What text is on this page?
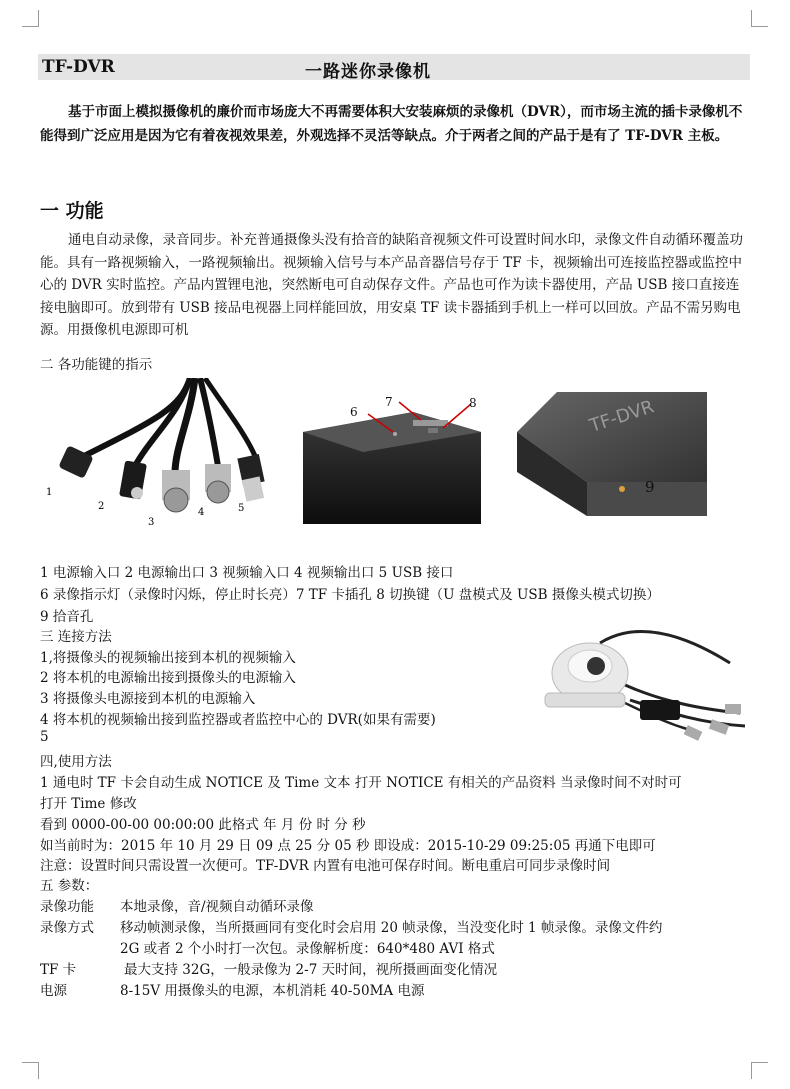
TF-DVR	一路迷你录像机
基于市面上模拟摄像机的廉价而市场庞大不再需要体积大安装麻烦的录像机（DVR），而市场主流的插卡录像机不能得到广泛应用是因为它有着夜视效果差，外观选择不灵活等缺点。介于两者之间的产品于是有了 TF-DVR 主板。
一 功能
通电自动录像，录音同步。补充普通摄像头没有拾音的缺陷音视频文件可设置时间水印，录像文件自动循环覆盖功能。具有一路视频输入，一路视频输出。视频输入信号与本产品音器信号存于 TF 卡，视频输出可连接监控器或监控中心的 DVR 实时监控。产品内置锂电池，突然断电可自动保存文件。产品也可作为读卡器使用，产品 USB 接口直接连接电脑即可。放到带有 USB 接品电视器上同样能回放，用安桌 TF 读卡器插到手机上一样可以回放。产品不需另购电源。用摄像机电源即可机
二 各功能键的指示
1
2
3
4	5
6
7	8	TF-DVR
9
1 电源输入口 2 电源输出口 3 视频输入口 4 视频输出口 5 USB 接口
6 录像指示灯（录像时闪烁，停止时长亮）7 TF 卡插孔 8 切换键（U 盘模式及 USB 摄像头模式切换）
9 拾音孔
三 连接方法
1,将摄像头的视频输出接到本机的视频输入
2 将本机的电源输出接到摄像头的电源输入
3 将摄像头电源接到本机的电源输入
4 将本机的视频输出接到监控器或者监控中心的 DVR(如果有需要)
5
四,使用方法
1 通电时 TF 卡会自动生成 NOTICE 及 Time 文本 打开 NOTICE 有相关的产品资料 当录像时间不对时可
打开 Time 修改
看到 0000-00-00 00:00:00 此格式 年 月 份 时 分 秒
如当前时为：2015 年 10 月 29 日 09 点 25 分 05 秒 即设成：2015-10-29 09:25:05 再通下电即可
注意：设置时间只需设置一次便可。TF-DVR 内置有电池可保存时间。断电重启可同步录像时间
五 参数：
录像功能 本地录像，音/视频自动循环录像
录像方式 移动帧测录像，当所摄画同有变化时会启用 20 帧录像，当没变化时 1 帧录像。录像文件约
2G 或者 2 个小时打一次包。录像解析度：640*480 AVI 格式
TF 卡	最大支持 32G，一般录像为 2-7 天时间，视所摄画面变化情况
电源	8-15V 用摄像头的电源，本机消耗 40-50MA 电源
